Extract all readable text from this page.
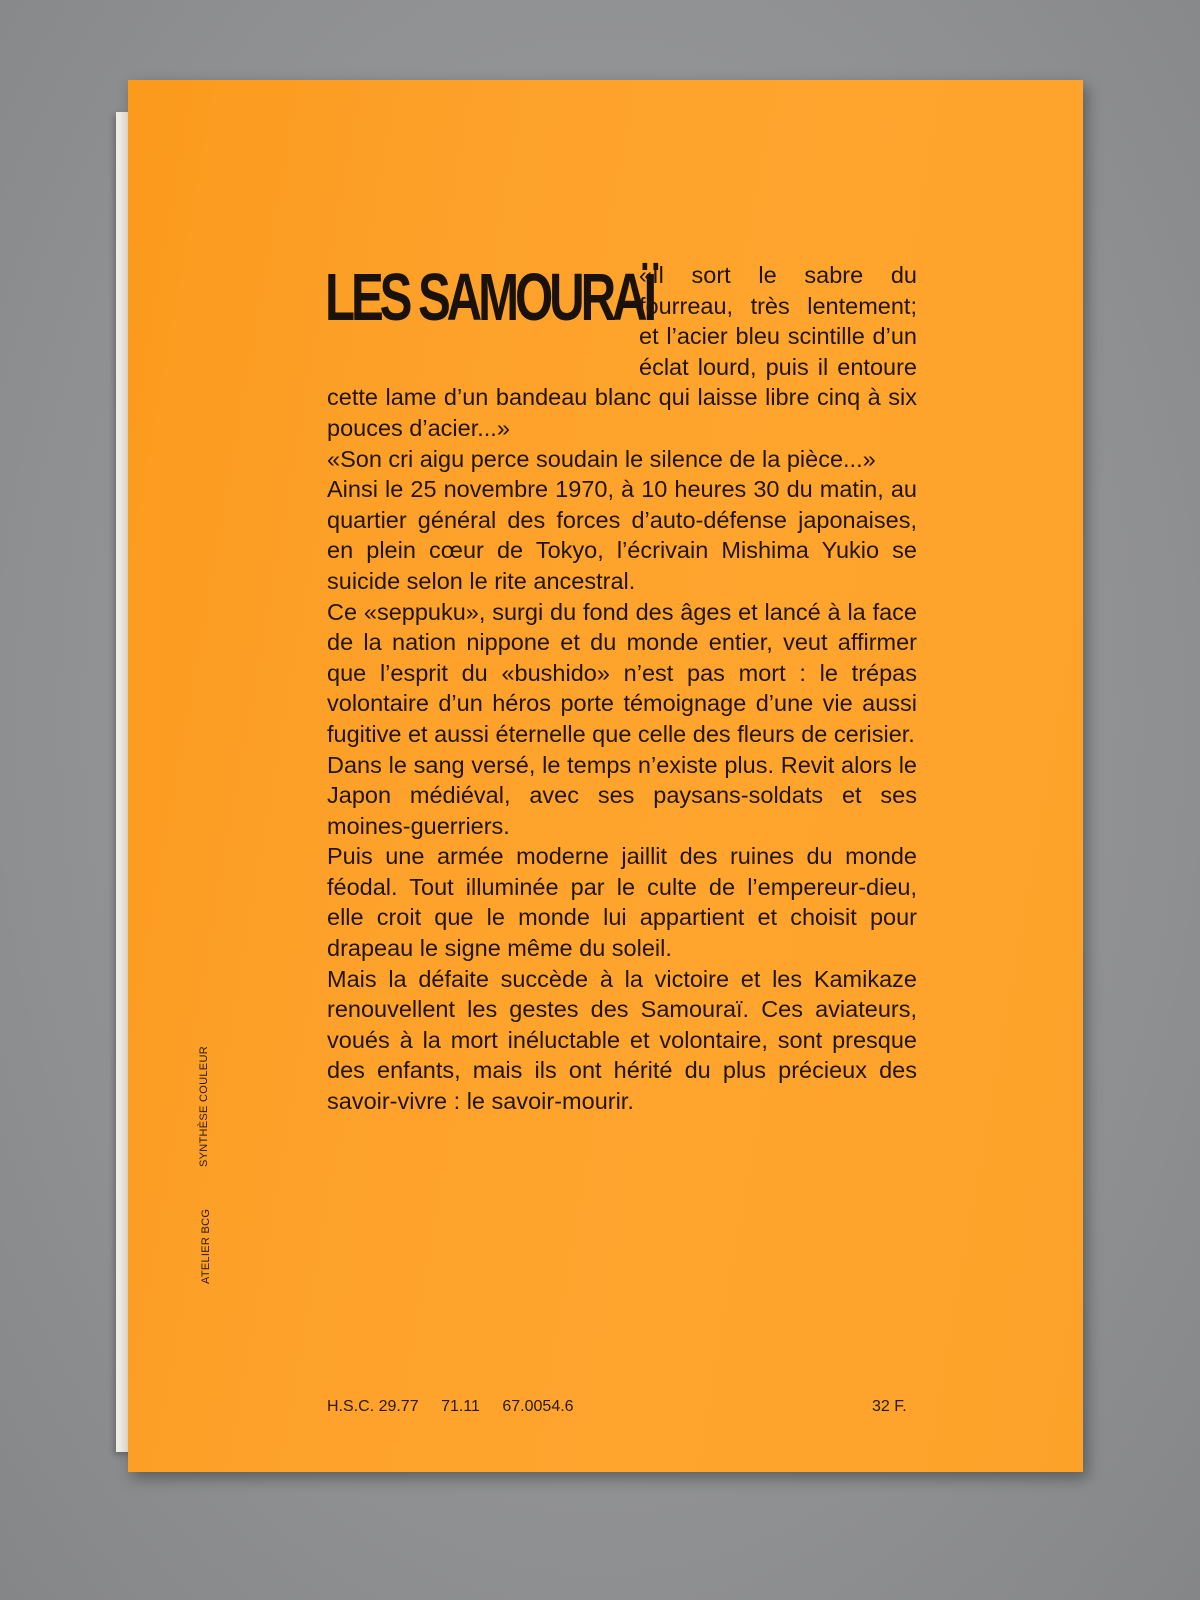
LES SAMOURAÏ

«Il sort le sabre du fourreau, très lentement; et l’acier bleu scintille d’un éclat lourd, puis il entoure cette lame d’un bandeau blanc qui laisse libre cinq à six pouces d’acier...»

«Son cri aigu perce soudain le silence de la pièce...»

Ainsi le 25 novembre 1970, à 10 heures 30 du matin, au quartier général des forces d’auto-défense japonaises, en plein cœur de Tokyo, l’écrivain Mishima Yukio se suicide selon le rite ancestral.

Ce «seppuku», surgi du fond des âges et lancé à la face de la nation nippone et du monde entier, veut affirmer que l’esprit du «bushido» n’est pas mort : le trépas volontaire d’un héros porte témoignage d’une vie aussi fugitive et aussi éternelle que celle des fleurs de cerisier.

Dans le sang versé, le temps n’existe plus. Revit alors le Japon médiéval, avec ses paysans-soldats et ses moines-guerriers.

Puis une armée moderne jaillit des ruines du monde féodal. Tout illuminée par le culte de l’empereur-dieu, elle croit que le monde lui appartient et choisit pour drapeau le signe même du soleil.

Mais la défaite succède à la victoire et les Kamikaze renouvellent les gestes des Samouraï. Ces aviateurs, voués à la mort inéluctable et volontaire, sont presque des enfants, mais ils ont hérité du plus précieux des savoir-vivre : le savoir-mourir.

ATELIER BCG
SYNTHÈSE COULEUR
H.S.C. 29.77 71.11 67.0054.6	32 F.
